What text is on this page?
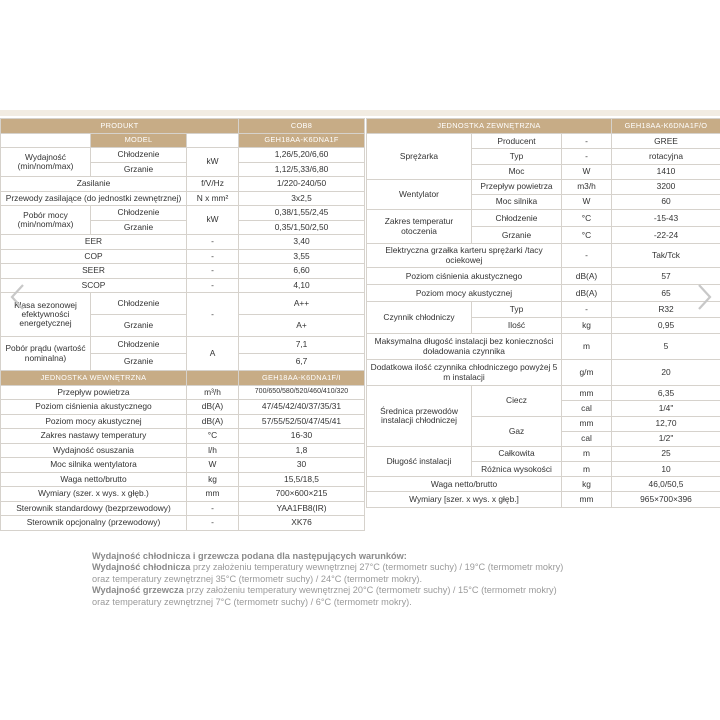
PRODUKT			COB8
	MODEL		GEH18AA-K6DNA1F
Wydajność (min/nom/max)	Chłodzenie	kW	1,26/5,20/6,60
	Grzanie		1,12/5,33/6,80
Zasilanie		f/V/Hz	1/220-240/50
Przewody zasilające (do jednostki zewnętrznej)		N x mm²	3x2,5
Pobór mocy (min/nom/max)	Chłodzenie	kW	0,38/1,55/2,45
	Grzanie		0,35/1,50/2,50
EER		-	3,40
COP		-	3,55
SEER		-	6,60
SCOP		-	4,10
Klasa sezonowej efektywności energetycznej	Chłodzenie	-	A++
	Grzanie		A+
Pobór prądu (wartość nominalna)	Chłodzenie	A	7,1
	Grzanie		6,7
JEDNOSTKA WEWNĘTRZNA		GEH18AA-K6DNA1F/I
Przepływ powietrza	m³/h	700/650/580/520/460/410/320
Poziom ciśnienia akustycznego	dB(A)	47/45/42/40/37/35/31
Poziom mocy akustycznej	dB(A)	57/55/52/50/47/45/41
Zakres nastawy temperatury	°C	16-30
Wydajność osuszania	l/h	1,8
Moc silnika wentylatora	W	30
Waga netto/brutto	kg	15,5/18,5
Wymiary (szer. x wys. x głęb.)	mm	700×600×215
Sterownik standardowy (bezprzewodowy)	-	YAA1FB8(IR)
Sterownik opcjonalny (przewodowy)	-	XK76
JEDNOSTKA ZEWNĘTRZNA			GEH18AA-K6DNA1F/O
Sprężarka	Producent	-	GREE
	Typ	-	rotacyjna
	Moc	W	1410
Wentylator	Przepływ powietrza	m3/h	3200
	Moc silnika	W	60
Zakres temperatur otoczenia	Chłodzenie	°C	-15-43
	Grzanie	°C	-22-24
Elektryczna grzałka karteru sprężarki /tacy ociekowej		-	Tak/Tck
Poziom ciśnienia akustycznego		dB(A)	57
Poziom mocy akustycznej		dB(A)	65
Czynnik chłodniczy	Typ	-	R32
	Ilość	kg	0,95
Maksymalna długość instalacji bez konieczności doładowania czynnika		m	5
Dodatkowa ilość czynnika chłodniczego powyżej 5 m instalacji		g/m	20
Średnica przewodów instalacji chłodniczej	Ciecz	mm	6,35
		cal	1/4"
	Gaz	mm	12,70
		cal	1/2"
Długość instalacji	Całkowita	m	25
	Różnica wysokości	m	10
Waga netto/brutto		kg	46,0/50,5
Wymiary [szer. x wys. x głęb.]		mm	965×700×396
Wydajność chłodnicza i grzewcza podana dla następujących warunków:
Wydajność chłodnicza przy założeniu temperatury wewnętrznej 27°C (termometr suchy) / 19°C (termometr mokry)
oraz temperatury zewnętrznej 35°C (termometr suchy) / 24°C (termometr mokry).
Wydajność grzewcza przy założeniu temperatury wewnętrznej 20°C (termometr suchy) / 15°C (termometr mokry)
oraz temperatury zewnętrznej 7°C (termometr suchy) / 6°C (termometr mokry).
